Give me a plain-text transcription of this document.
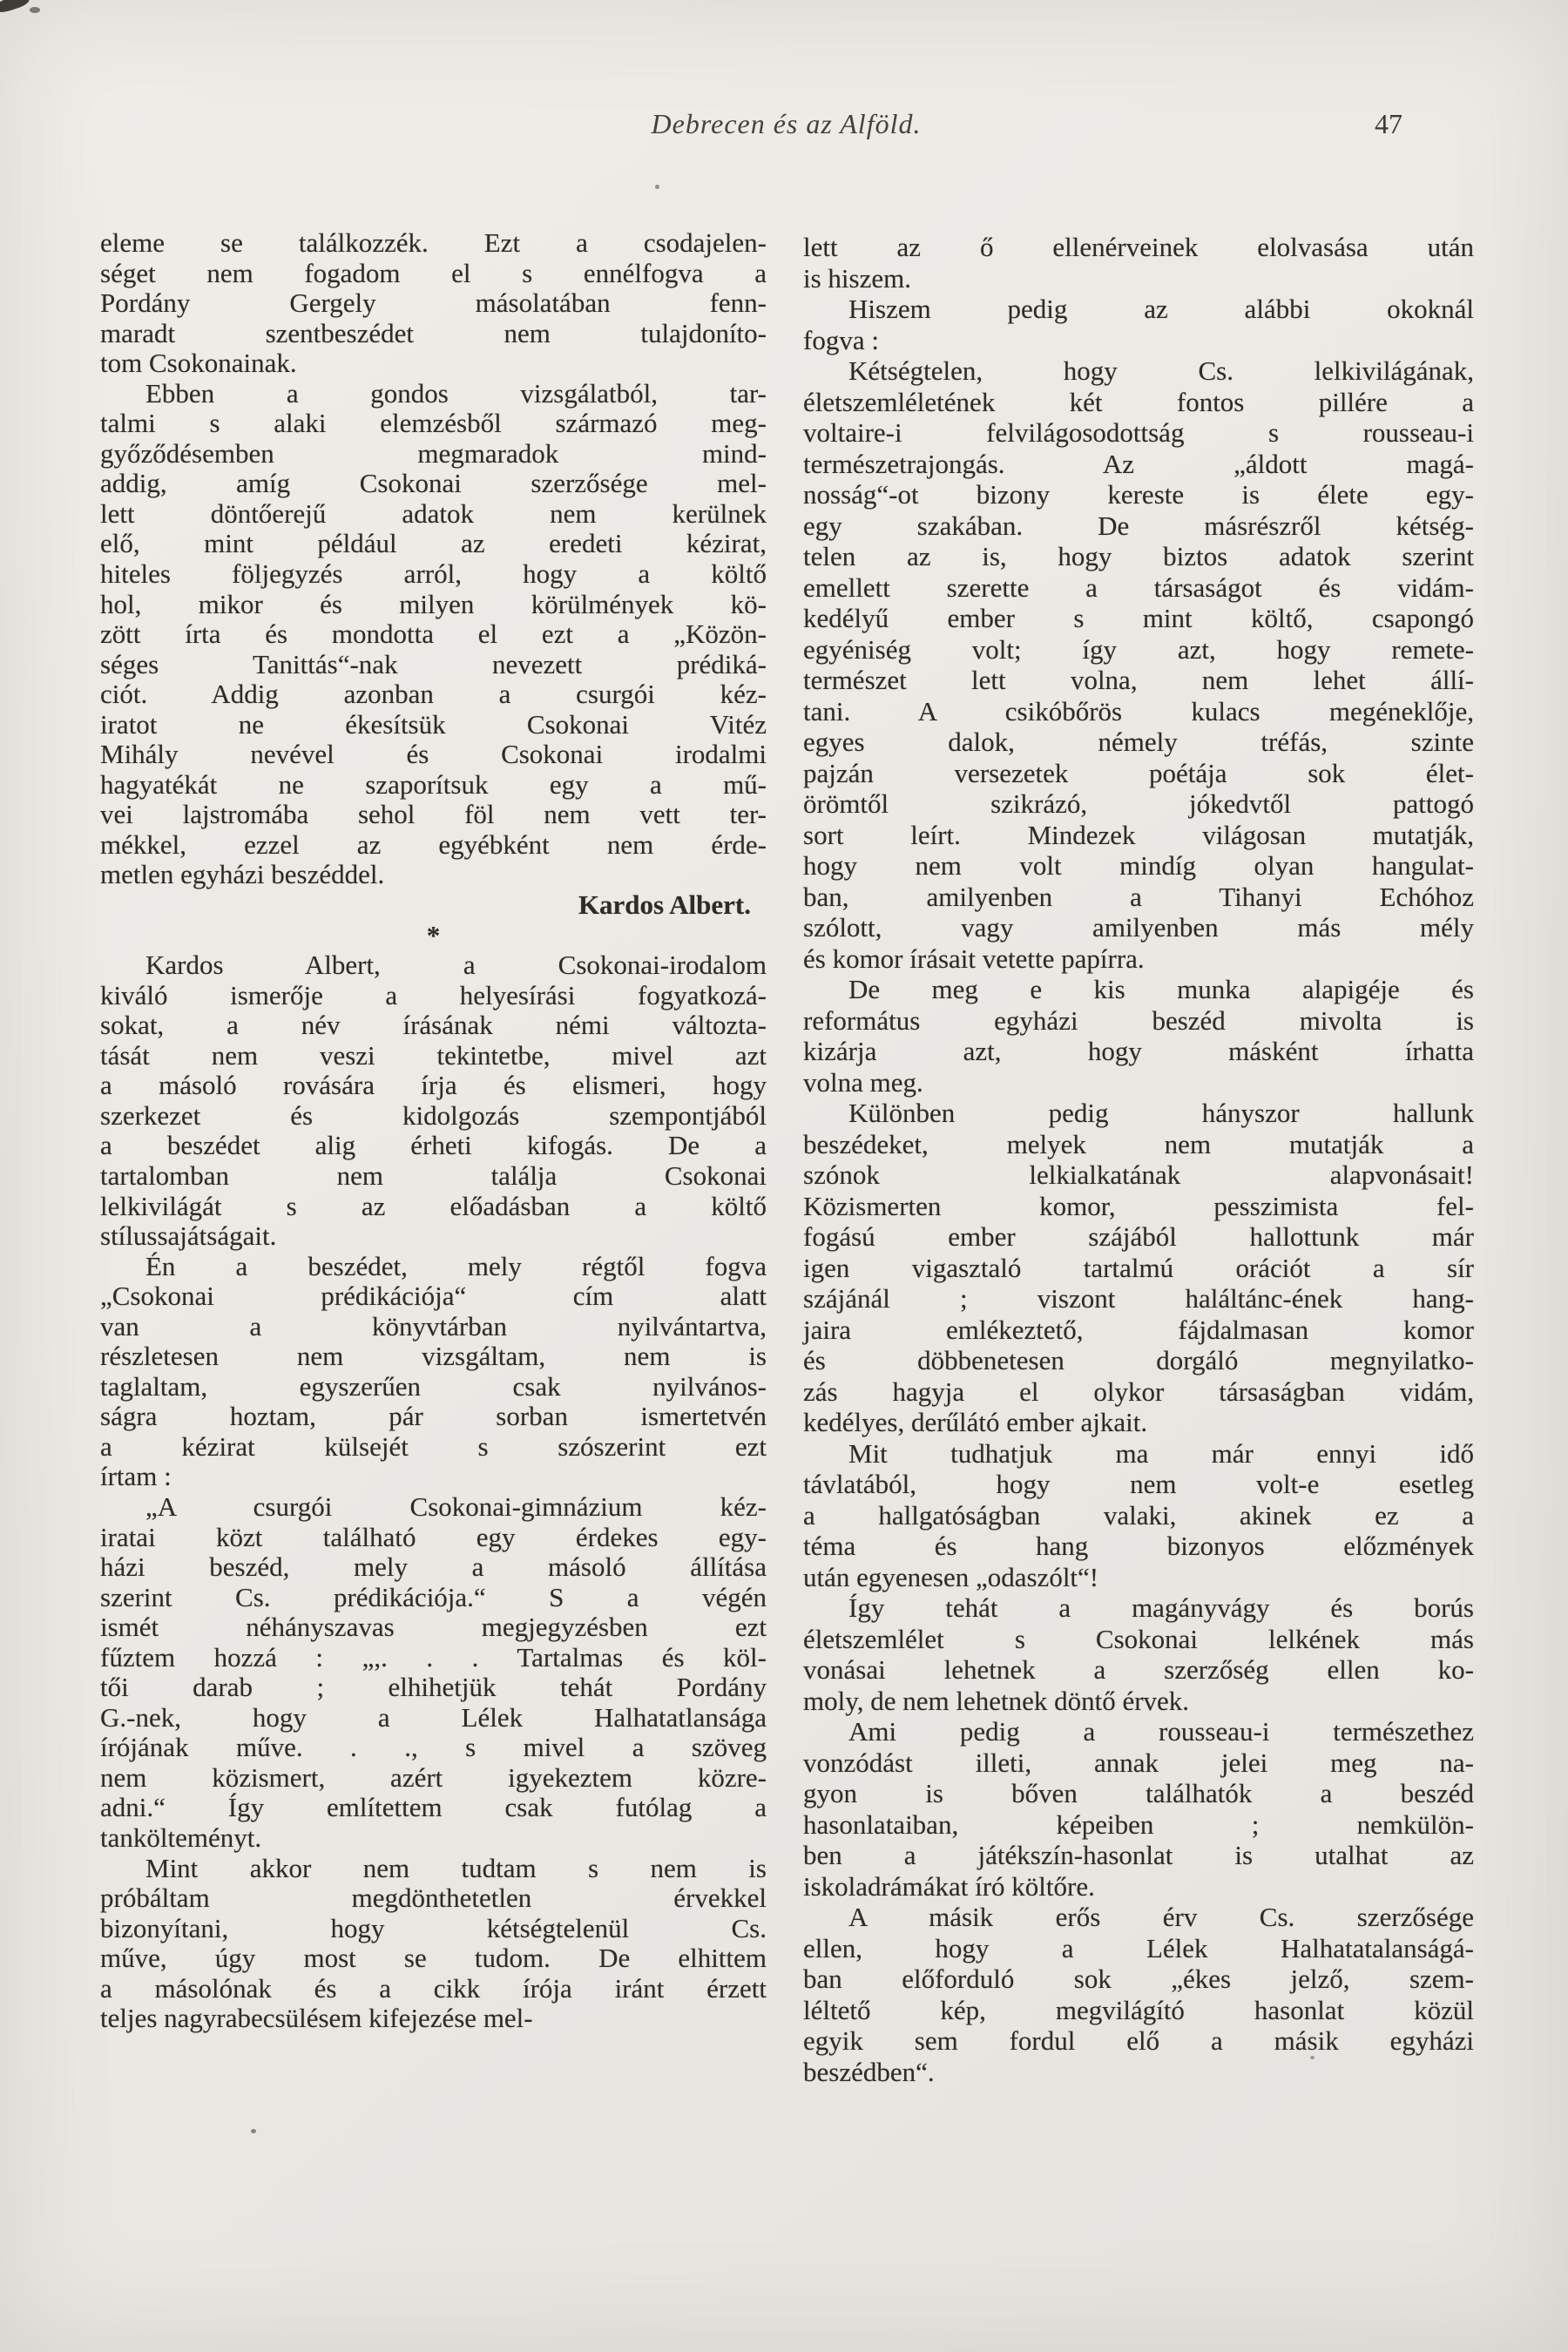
Debrecen és az Alföld.	47
eleme se találkozzék. Ezt a csodajelen-
séget nem fogadom el s ennélfogva a
Pordány Gergely másolatában fenn-
maradt szentbeszédet nem tulajdoníto-
tom Csokonainak.
Ebben a gondos vizsgálatból, tar-
talmi s alaki elemzésből származó meg-
győződésemben megmaradok mind-
addig, amíg Csokonai szerzősége mel-
lett döntőerejű adatok nem kerülnek
elő, mint például az eredeti kézirat,
hiteles följegyzés arról, hogy a költő
hol, mikor és milyen körülmények kö-
zött írta és mondotta el ezt a „Közön-
séges Tanittás“-nak nevezett prédiká-
ciót. Addig azonban a csurgói kéz-
iratot ne ékesítsük Csokonai Vitéz
Mihály nevével és Csokonai irodalmi
hagyatékát ne szaporítsuk egy a mű-
vei lajstromába sehol föl nem vett ter-
mékkel, ezzel az egyébként nem érde-
metlen egyházi beszéddel.
Kardos Albert.
*
Kardos Albert, a Csokonai-irodalom
kiváló ismerője a helyesírási fogyatkozá-
sokat, a név írásának némi változta-
tását nem veszi tekintetbe, mivel azt
a másoló rovására írja és elismeri, hogy
szerkezet és kidolgozás szempontjából
a beszédet alig érheti kifogás. De a
tartalomban nem találja Csokonai
lelkivilágát s az előadásban a költő
stílussajátságait.
Én a beszédet, mely régtől fogva
„Csokonai prédikációja“ cím alatt
van a könyvtárban nyilvántartva,
részletesen nem vizsgáltam, nem is
taglaltam, egyszerűen csak nyilvános-
ságra hoztam, pár sorban ismertetvén
a kézirat külsejét s szószerint ezt
írtam :
„A csurgói Csokonai-gimnázium kéz-
iratai közt található egy érdekes egy-
házi beszéd, mely a másoló állítása
szerint Cs. prédikációja.“ S a végén
ismét néhányszavas megjegyzésben ezt
fűztem hozzá : „,. . . Tartalmas és köl-
tői darab ; elhihetjük tehát Pordány
G.-nek, hogy a Lélek Halhatatlansága
írójának műve. . ., s mivel a szöveg
nem közismert, azért igyekeztem közre-
adni.“ Így említettem csak futólag a
tankölteményt.
Mint akkor nem tudtam s nem is
próbáltam megdönthetetlen érvekkel
bizonyítani, hogy kétségtelenül Cs.
műve, úgy most se tudom. De elhittem
a másolónak és a cikk írója iránt érzett
teljes nagyrabecsülésem kifejezése mel-
lett az ő ellenérveinek elolvasása után
is hiszem.
Hiszem pedig az alábbi okoknál
fogva :
Kétségtelen, hogy Cs. lelkivilágának,
életszemléletének két fontos pillére a
voltaire-i felvilágosodottság s rousseau-i
természetrajongás. Az „áldott magá-
nosság“-ot bizony kereste is élete egy-
egy szakában. De másrészről kétség-
telen az is, hogy biztos adatok szerint
emellett szerette a társaságot és vidám-
kedélyű ember s mint költő, csapongó
egyéniség volt; így azt, hogy remete-
természet lett volna, nem lehet állí-
tani. A csikóbőrös kulacs megéneklője,
egyes dalok, némely tréfás, szinte
pajzán versezetek poétája sok élet-
örömtől szikrázó, jókedvtől pattogó
sort leírt. Mindezek világosan mutatják,
hogy nem volt mindíg olyan hangulat-
ban, amilyenben a Tihanyi Echóhoz
szólott, vagy amilyenben más mély
és komor írásait vetette papírra.
De meg e kis munka alapigéje és
református egyházi beszéd mivolta is
kizárja azt, hogy másként írhatta
volna meg.
Különben pedig hányszor hallunk
beszédeket, melyek nem mutatják a
szónok lelkialkatának alapvonásait!
Közismerten komor, pesszimista fel-
fogású ember szájából hallottunk már
igen vigasztaló tartalmú orációt a sír
szájánál ; viszont haláltánc-ének hang-
jaira emlékeztető, fájdalmasan komor
és döbbenetesen dorgáló megnyilatko-
zás hagyja el olykor társaságban vidám,
kedélyes, derűlátó ember ajkait.
Mit tudhatjuk ma már ennyi idő
távlatából, hogy nem volt-e esetleg
a hallgatóságban valaki, akinek ez a
téma és hang bizonyos előzmények
után egyenesen „odaszólt“!
Így tehát a magányvágy és borús
életszemlélet s Csokonai lelkének más
vonásai lehetnek a szerzőség ellen ko-
moly, de nem lehetnek döntő érvek.
Ami pedig a rousseau-i természethez
vonzódást illeti, annak jelei meg na-
gyon is bőven találhatók a beszéd
hasonlataiban, képeiben ; nemkülön-
ben a játékszín-hasonlat is utalhat az
iskoladrámákat író költőre.
A másik erős érv Cs. szerzősége
ellen, hogy a Lélek Halhatatalanságá-
ban előforduló sok „ékes jelző, szem-
léltető kép, megvilágító hasonlat közül
egyik sem fordul elő a másik egyházi
beszédben“.
